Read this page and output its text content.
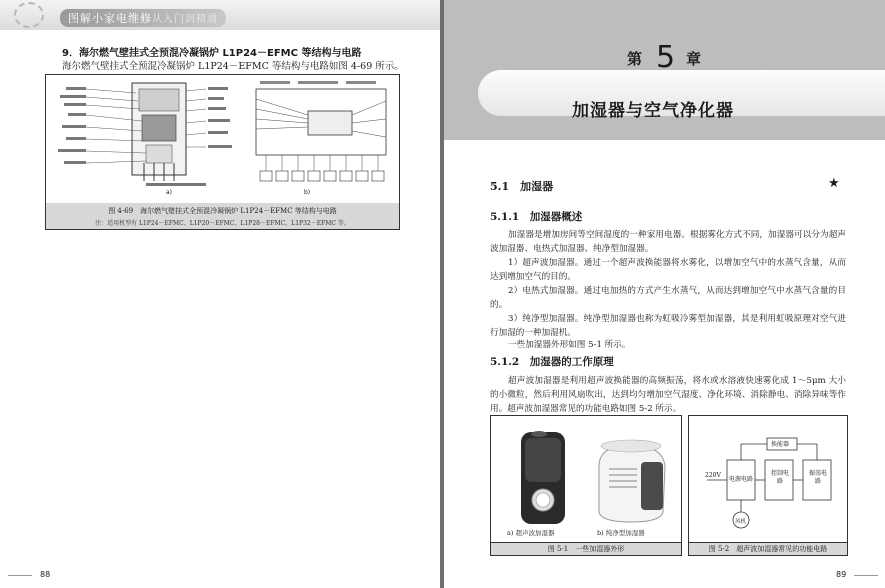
图解小家电维修从入门到精通
9．海尔燃气壁挂式全预混冷凝锅炉 L1P24－EFMC 等结构与电路
海尔燃气壁挂式全预混冷凝锅炉 L1P24－EFMC 等结构与电路如图 4-69 所示。
a)	b)
图 4-69　海尔燃气壁挂式全预混冷凝锅炉 L1P24－EFMC 等结构与电路
注：适用机型有 L1P24－EFMC、L1P20－EFMC、L1P28－EFMC、L1P32－EFMC 等。
88
第 5 章
加湿器与空气净化器
5.1　加湿器	★
5.1.1　加湿器概述
加湿器是增加房间等空间湿度的一种家用电器。根据雾化方式不同，加湿器可以分为超声波加湿器、电热式加湿器、纯净型加湿器。
1）超声波加湿器。通过一个超声波换能器将水雾化，以增加空气中的水蒸气含量，从而达到增加空气的目的。
2）电热式加湿器。通过电加热的方式产生水蒸气，从而达到增加空气中水蒸气含量的目的。
3）纯净型加湿器。纯净型加湿器也称为虹吸冷雾型加湿器，其是利用虹吸原理对空气进行加湿的一种加湿机。
一些加湿器外形如图 5-1 所示。
5.1.2　加湿器的工作原理
超声波加湿器是利用超声波换能器的高频振荡，将水或水溶液快速雾化成 1～5μm 大小的小微粒，然后利用风扇吹出，达到均匀增加空气湿度、净化环境、消除静电、消除异味等作用。超声波加湿器常见的功能电路如图 5-2 所示。
a) 超声波加湿器	b) 纯净型加湿器
图 5-1　一些加湿器外形
换能器
电源电路
控制电路
振荡电路
220V
风机
图 5-2　超声波加湿器常见的功能电路
89
